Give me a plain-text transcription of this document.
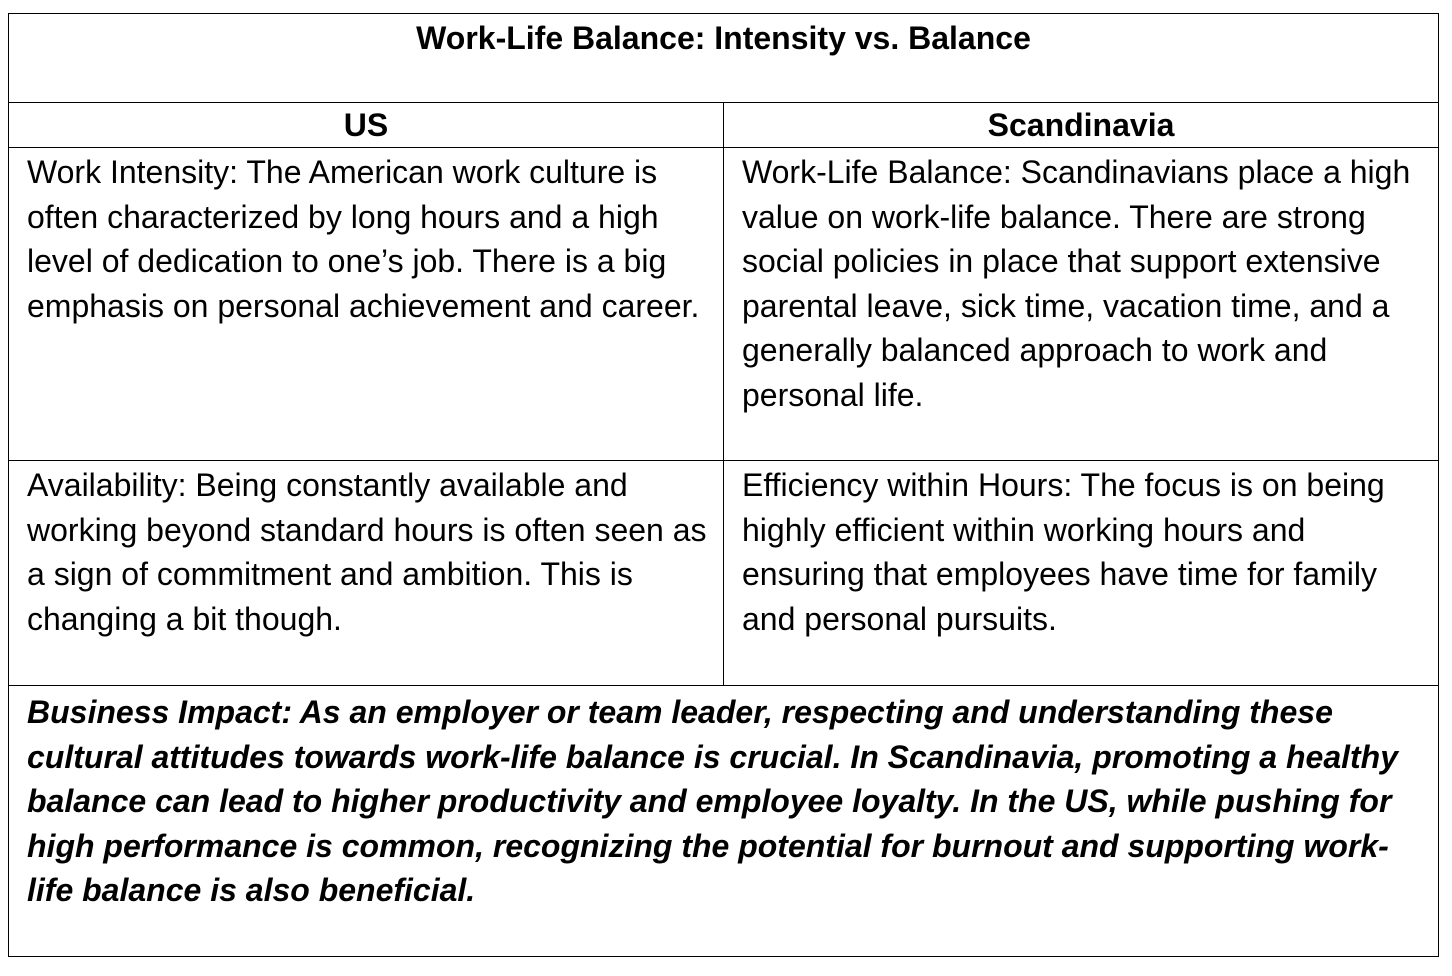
Work-Life Balance: Intensity vs. Balance	

US	Scandinavia

Work Intensity: The American work culture is often characterized by long hours and a high level of dedication to one’s job. There is a big emphasis on personal achievement and career.	Work-Life Balance: Scandinavians place a high value on work-life balance. There are strong social policies in place that support extensive parental leave, sick time, vacation time, and a generally balanced approach to work and personal life.

Availability: Being constantly available and working beyond standard hours is often seen as a sign of commitment and ambition. This is changing a bit though.	Efficiency within Hours: The focus is on being highly efficient within working hours and ensuring that employees have time for family and personal pursuits.

Business Impact: As an employer or team leader, respecting and understanding these cultural attitudes towards work-life balance is crucial. In Scandinavia, promoting a healthy balance can lead to higher productivity and employee loyalty. In the US, while pushing for high performance is common, recognizing the potential for burnout and supporting work-life balance is also beneficial.	
